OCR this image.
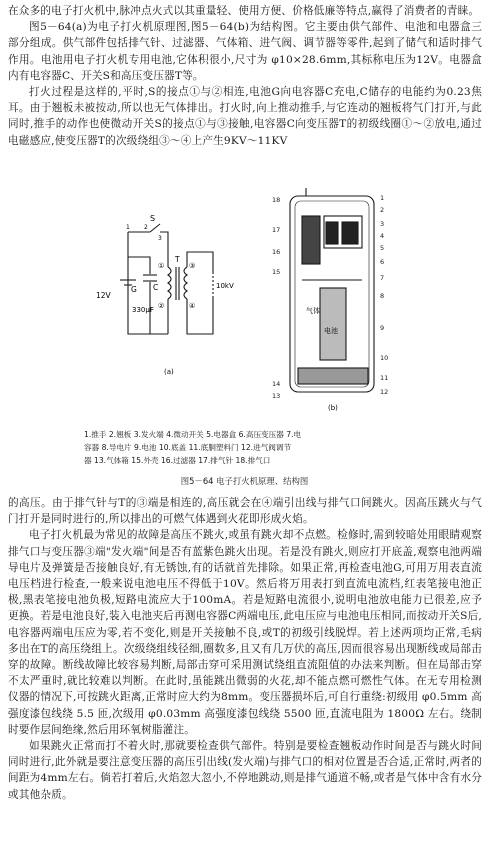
在众多的电子打火机中,脉冲点火式以其重量轻、使用方便、价格低廉等特点,赢得了消费者的青睐。

图5－64(a)为电子打火机原理图,图5－64(b)为结构图。它主要由供气部件、电池和电器盒三部分组成。供气部件包括排气针、过滤器、气体箱、进气阀、调节器等零件,起到了储气和适时排气作用。电池用电子打火机专用电池,它体积很小,尺寸为 φ10×28.6mm,其标称电压为12V。电器盒内有电容器C、开关S和高压变压器T等。

打火过程是这样的,平时,S的接点①与②相连,电池G向电容器C充电,C储存的电能约为0.23焦耳。由于翘板未被按动,所以也无气体排出。打火时,向上推动推手,与它连动的翘板将气门打开,与此同时,推手的动作也使微动开关S的接点①与③接触,电容器C向变压器T的初级线圈①～②放电,通过电磁感应,使变压器T的次级绕组③～④上产生9KV～11KV

S
3
2
1
12V
G C
330μF
T
①
②
③
④
10kV
(a)
气体
电池
1
2
3
4
5
6
7
8
9
10
11
12
18
17
16
15
14
13
(b)
1.推手 2.翘板 3.发火端 4.微动开关 5.电器盒 6.高压变压器 7.电
容器 8.导电片 9.电池 10.底盖 11.底胴塑料门 12.进气阀调节
器 13.气体箱 15.外壳 16.过滤器 17.排气针 18.排气口
图5－64 电子打火机原理、结构图

的高压。由于排气针与T的③端是相连的,高压就会在④端引出线与排气口间跳火。因高压跳火与气门打开是同时进行的,所以排出的可燃气体遇到火花即形成火焰。

电子打火机最为常见的故障是高压不跳火,或虽有跳火却不点燃。检修时,需到较暗处用眼睛观察排气口与变压器③端"发火端"间是否有蓝紫色跳火出现。若是没有跳火,则应打开底盖,观察电池两端导电片及弹簧是否接触良好,有无锈蚀,有的话就首先排除。如果正常,再检查电池G,可用万用表直流电压档进行检查,一般来说电池电压不得低于10V。然后将万用表打到直流电流档,红表笔接电池正极,黑表笔接电池负极,短路电流应大于100mA。若是短路电流很小,说明电池放电能力已很差,应予更换。若是电池良好,装入电池夹后再测电容器C两端电压,此电压应与电池电压相同,而按动开关S后,电容器两端电压应为零,若不变化,则是开关接触不良,或T的初级引线脱焊。若上述两项均正常,毛病多出在T的高压绕组上。次级绕组线径细,圈数多,且又有几万伏的高压,因而很容易出现断线或局部击穿的故障。断线故障比较容易判断,局部击穿可采用测试绕组直流阻值的办法来判断。但在局部击穿不太严重时,就比较难以判断。在此时,虽能跳出微弱的火花,却不能点燃可燃性气体。在无专用检测仪器的情况下,可按跳火距离,正常时应大约为8mm。变压器损坏后,可自行重绕:初级用 φ0.5mm 高强度漆包线绕 5.5 匝,次级用 φ0.03mm 高强度漆包线绕 5500 匝,直流电阻为 1800Ω 左右。绕制时要作层间绝缘,然后用环氧树脂灌注。

如果跳火正常而打不着火时,那就要检查供气部件。特别是要检查翘板动作时间是否与跳火时间同时进行,此外就是要注意变压器的高压引出线(发火端)与排气口的相对位置是否合适,正常时,两者的间距为4mm左右。倘若打着后,火焰忽大忽小,不停地跳动,则是排气通道不畅,或者是气体中含有水分或其他杂质。
